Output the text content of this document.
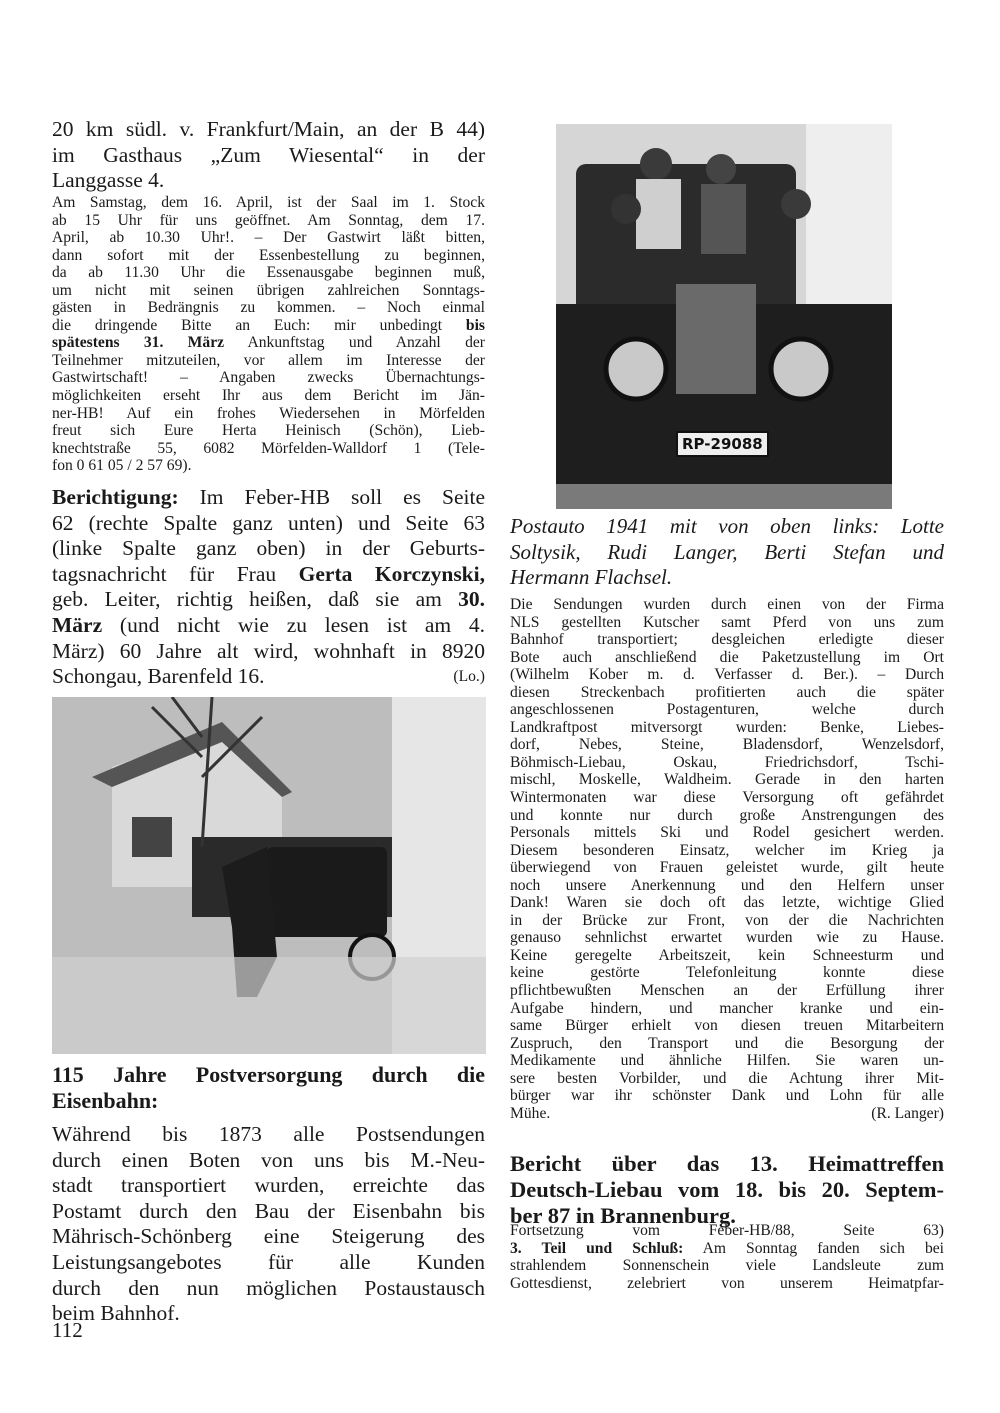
20 km südl. v. Frankfurt/Main, an der B 44)
im Gasthaus „Zum Wiesental“ in der
Langgasse 4.
Am Samstag, dem 16. April, ist der Saal im 1. Stock
ab 15 Uhr für uns geöffnet. Am Sonntag, dem 17.
April, ab 10.30 Uhr!. – Der Gastwirt läßt bitten,
dann sofort mit der Essenbestellung zu beginnen,
da ab 11.30 Uhr die Essenausgabe beginnen muß,
um nicht mit seinen übrigen zahlreichen Sonntags-
gästen in Bedrängnis zu kommen. – Noch einmal
die dringende Bitte an Euch: mir unbedingt bis
spätestens 31. März Ankunftstag und Anzahl der
Teilnehmer mitzuteilen, vor allem im Interesse der
Gastwirtschaft! – Angaben zwecks Übernachtungs-
möglichkeiten erseht Ihr aus dem Bericht im Jän-
ner-HB! Auf ein frohes Wiedersehen in Mörfelden
freut sich Eure Herta Heinisch (Schön), Lieb-
knechtstraße 55, 6082 Mörfelden-Walldorf 1 (Tele-
fon 0 61 05 / 2 57 69).
Berichtigung: Im Feber-HB soll es Seite
62 (rechte Spalte ganz unten) und Seite 63
(linke Spalte ganz oben) in der Geburts-
tagsnachricht für Frau Gerta Korczynski,
geb. Leiter, richtig heißen, daß sie am 30.
März (und nicht wie zu lesen ist am 4.
März) 60 Jahre alt wird, wohnhaft in 8920
(Lo.)
Schongau, Barenfeld 16.
115 Jahre Postversorgung durch die
Eisenbahn:
Während bis 1873 alle Postsendungen
durch einen Boten von uns bis M.-Neu-
stadt transportiert wurden, erreichte das
Postamt durch den Bau der Eisenbahn bis
Mährisch-Schönberg eine Steigerung des
Leistungsangebotes für alle Kunden
durch den nun möglichen Postaustausch
beim Bahnhof.
112
RP-29088
Postauto 1941 mit von oben links: Lotte
Soltysik, Rudi Langer, Berti Stefan und
Hermann Flachsel.
Die Sendungen wurden durch einen von der Firma
NLS gestellten Kutscher samt Pferd von uns zum
Bahnhof transportiert; desgleichen erledigte dieser
Bote auch anschließend die Paketzustellung im Ort
(Wilhelm Kober m. d. Verfasser d. Ber.). – Durch
diesen Streckenbach profitierten auch die später
angeschlossenen Postagenturen, welche durch
Landkraftpost mitversorgt wurden: Benke, Liebes-
dorf, Nebes, Steine, Bladensdorf, Wenzelsdorf,
Böhmisch-Liebau, Oskau, Friedrichsdorf, Tschi-
mischl, Moskelle, Waldheim. Gerade in den harten
Wintermonaten war diese Versorgung oft gefährdet
und konnte nur durch große Anstrengungen des
Personals mittels Ski und Rodel gesichert werden.
Diesem besonderen Einsatz, welcher im Krieg ja
überwiegend von Frauen geleistet wurde, gilt heute
noch unsere Anerkennung und den Helfern unser
Dank! Waren sie doch oft das letzte, wichtige Glied
in der Brücke zur Front, von der die Nachrichten
genauso sehnlichst erwartet wurden wie zu Hause.
Keine geregelte Arbeitszeit, kein Schneesturm und
keine gestörte Telefonleitung konnte diese
pflichtbewußten Menschen an der Erfüllung ihrer
Aufgabe hindern, und mancher kranke und ein-
same Bürger erhielt von diesen treuen Mitarbeitern
Zuspruch, den Transport und die Besorgung der
Medikamente und ähnliche Hilfen. Sie waren un-
sere besten Vorbilder, und die Achtung ihrer Mit-
bürger war ihr schönster Dank und Lohn für alle
(R. Langer)
Mühe.
Bericht über das 13. Heimattreffen
Deutsch-Liebau vom 18. bis 20. Septem-
ber 87 in Brannenburg.
Fortsetzung vom Feber-HB/88, Seite 63)
3. Teil und Schluß: Am Sonntag fanden sich bei
strahlendem Sonnenschein viele Landsleute zum
Gottesdienst, zelebriert von unserem Heimatpfar-
